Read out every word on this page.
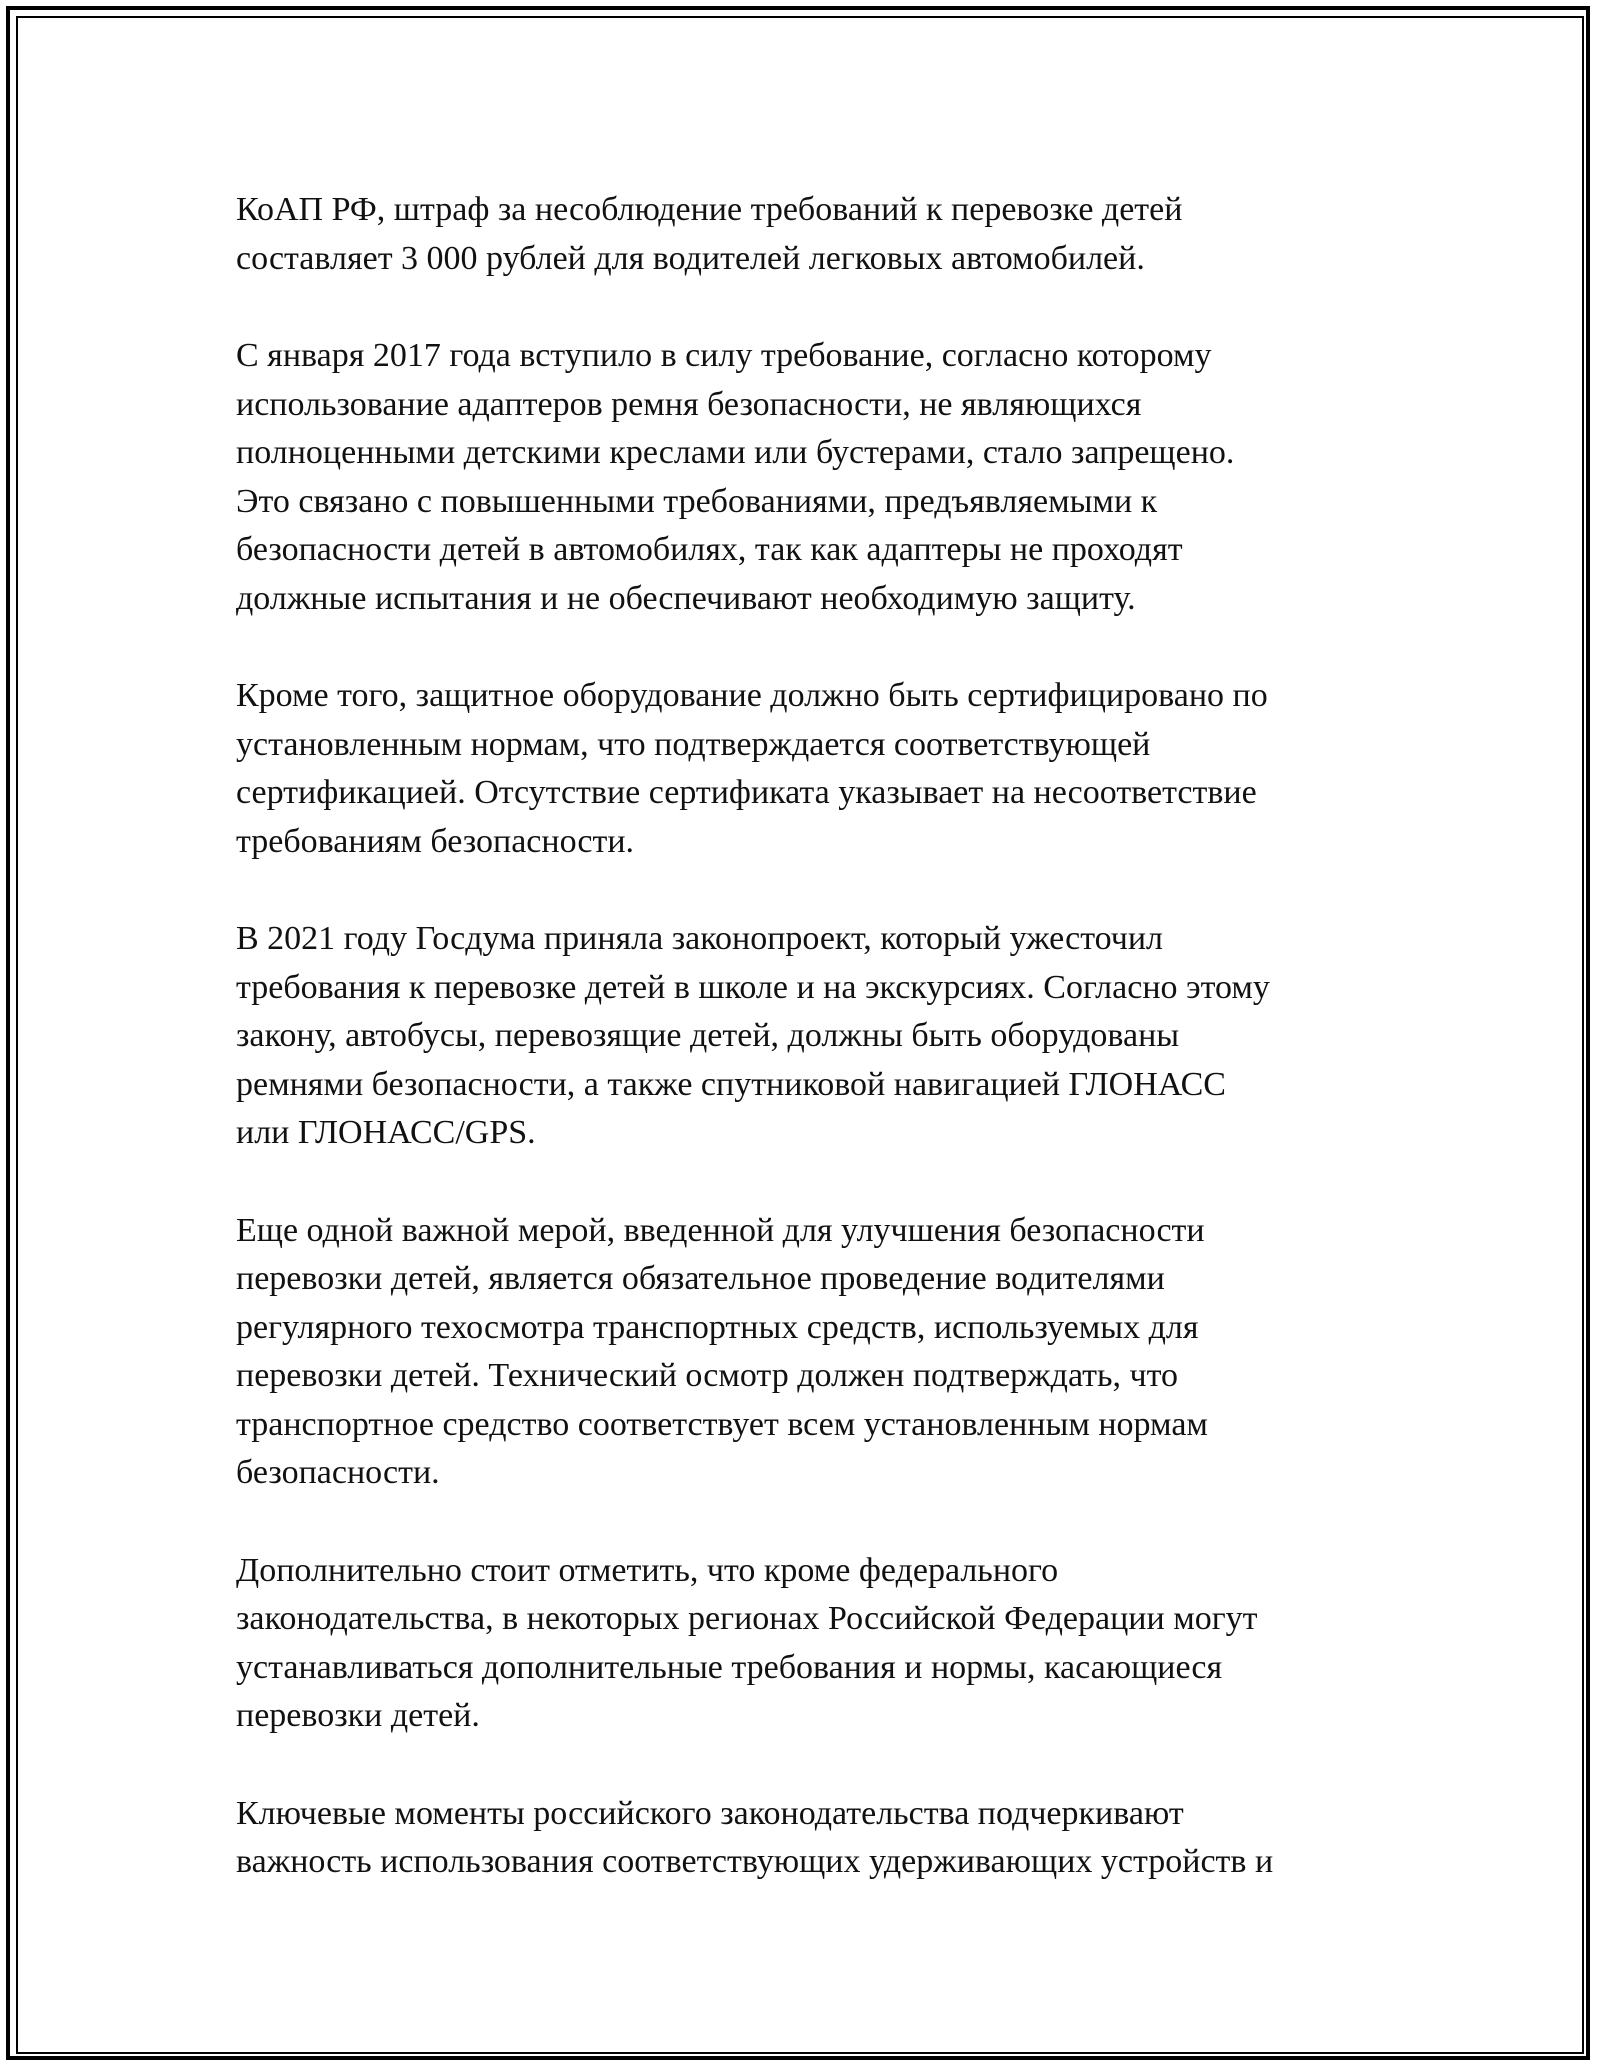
КоАП РФ, штраф за несоблюдение требований к перевозке детей
составляет 3 000 рублей для водителей легковых автомобилей.

С января 2017 года вступило в силу требование, согласно которому
использование адаптеров ремня безопасности, не являющихся
полноценными детскими креслами или бустерами, стало запрещено.
Это связано с повышенными требованиями, предъявляемыми к
безопасности детей в автомобилях, так как адаптеры не проходят
должные испытания и не обеспечивают необходимую защиту.

Кроме того, защитное оборудование должно быть сертифицировано по
установленным нормам, что подтверждается соответствующей
сертификацией. Отсутствие сертификата указывает на несоответствие
требованиям безопасности.

В 2021 году Госдума приняла законопроект, который ужесточил
требования к перевозке детей в школе и на экскурсиях. Согласно этому
закону, автобусы, перевозящие детей, должны быть оборудованы
ремнями безопасности, а также спутниковой навигацией ГЛОНАСС
или ГЛОНАСС/GPS.

Еще одной важной мерой, введенной для улучшения безопасности
перевозки детей, является обязательное проведение водителями
регулярного техосмотра транспортных средств, используемых для
перевозки детей. Технический осмотр должен подтверждать, что
транспортное средство соответствует всем установленным нормам
безопасности.

Дополнительно стоит отметить, что кроме федерального
законодательства, в некоторых регионах Российской Федерации могут
устанавливаться дополнительные требования и нормы, касающиеся
перевозки детей.

Ключевые моменты российского законодательства подчеркивают
важность использования соответствующих удерживающих устройств и
